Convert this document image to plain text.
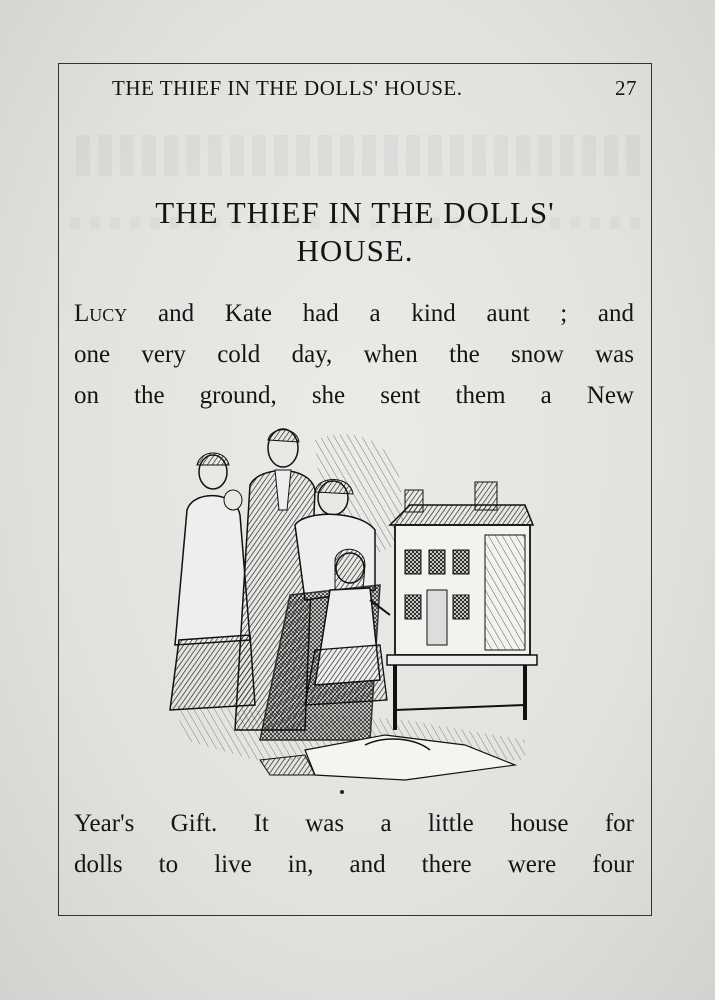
THE THIEF IN THE DOLLS' HOUSE.	27
THE THIEF IN THE DOLLS'
HOUSE.

Lucy and Kate had a kind aunt ; and
one very cold day, when the snow was
on the ground, she sent them a New

Year's Gift. It was a little house for
dolls to live in, and there were four
